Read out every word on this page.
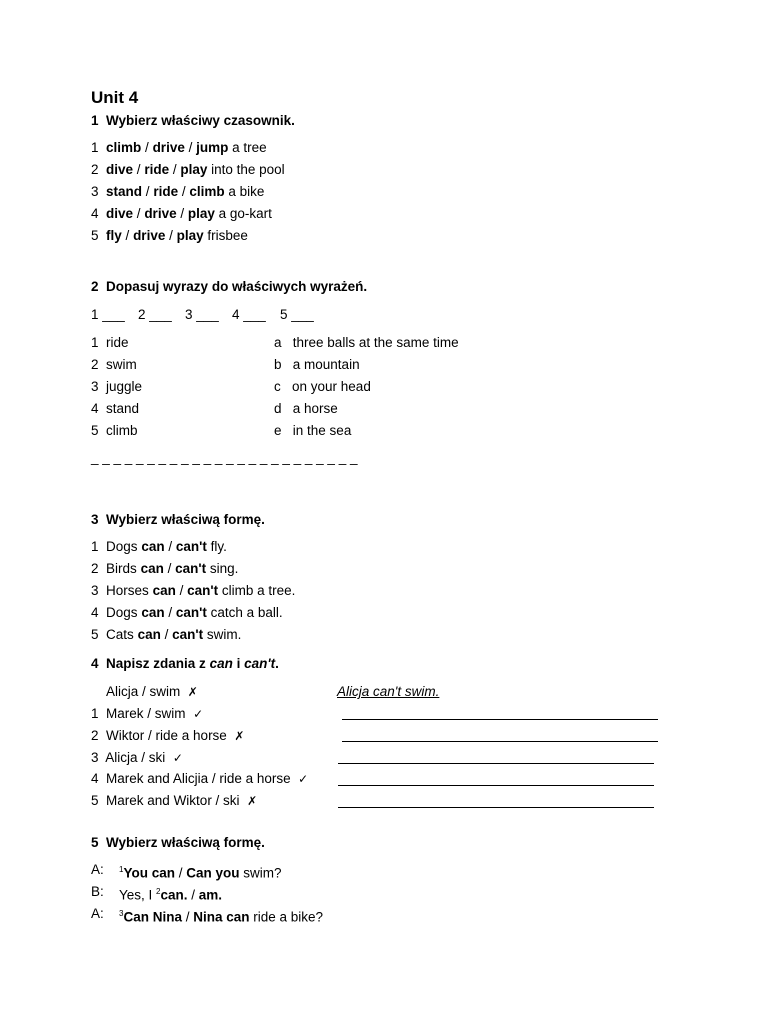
Unit 4
1 Wybierz właściwy czasownik.
1 climb / drive / jump a tree
2 dive / ride / play into the pool
3 stand / ride / climb a bike
4 dive / drive / play a go-kart
5 fly / drive / play frisbee
2 Dopasuj wyrazy do właściwych wyrażeń.
1 ___ 2 ___ 3 ___ 4 ___ 5 ___
1 ride
2 swim
3 juggle
4 stand
5 climb
a three balls at the same time
b a mountain
c on your head
d a horse
e in the sea
_ _ _ _ _ _ _ _ _ _ _ _ _ _ _ _ _ _ _ _ _ _ _ _
3 Wybierz właściwą formę.
1 Dogs can / can't fly.
2 Birds can / can't sing.
3 Horses can / can't climb a tree.
4 Dogs can / can't catch a ball.
5 Cats can / can't swim.
4 Napisz zdania z can i can't.
Alicja / swim ✗	Alicja can't swim.
1 Marek / swim ✓
2 Wiktor / ride a horse ✗
3 Alicja / ski ✓
4 Marek and Alicjia / ride a horse ✓
5 Marek and Wiktor / ski ✗
5 Wybierz właściwą formę.
A: $^1$You can / Can you swim?
B: Yes, I $^2$can. / am.
A: $^3$Can Nina / Nina can ride a bike?
